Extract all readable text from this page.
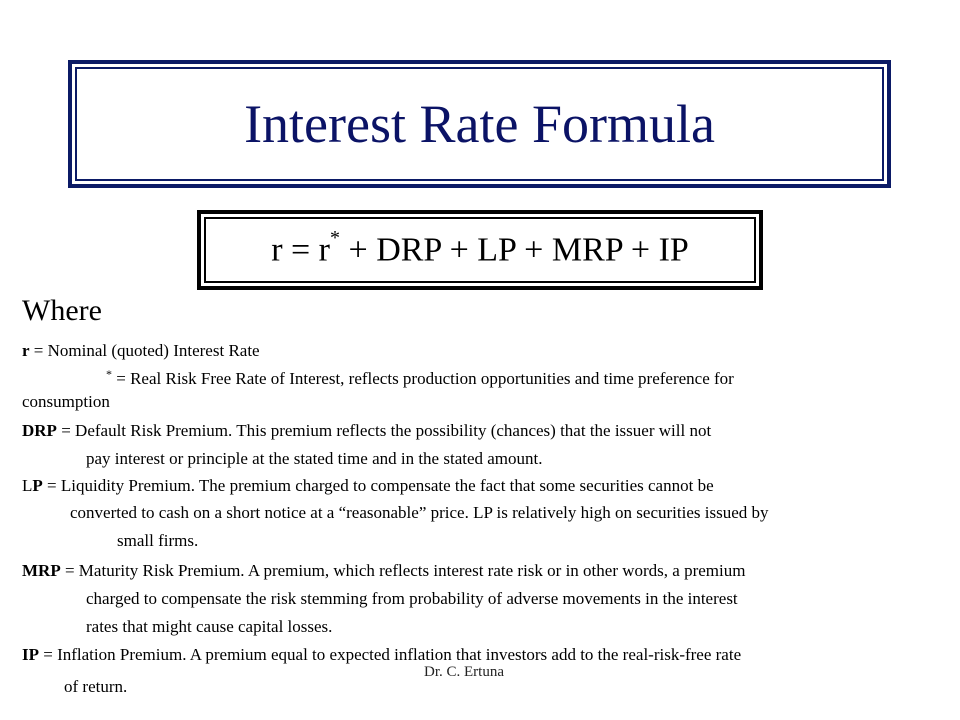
Interest Rate Formula
r = r* + DRP + LP + MRP + IP
Where
r = Nominal (quoted) Interest Rate
* = Real Risk Free Rate of Interest, reflects production opportunities and time preference for
consumption
DRP = Default Risk Premium. This premium reflects the possibility (chances) that the issuer will not
pay interest or principle at the stated time and in the stated amount.
LP = Liquidity Premium. The premium charged to compensate the fact that some securities cannot be
converted to cash on a short notice at a “reasonable” price. LP is relatively high on securities issued by
small firms.
MRP = Maturity Risk Premium. A premium, which reflects interest rate risk or in other words, a premium
charged to compensate the risk stemming from probability of adverse movements in the interest
rates that might cause capital losses.
IP = Inflation Premium. A premium equal to expected inflation that investors add to the real-risk-free rate
of return.
Dr. C. Ertuna
